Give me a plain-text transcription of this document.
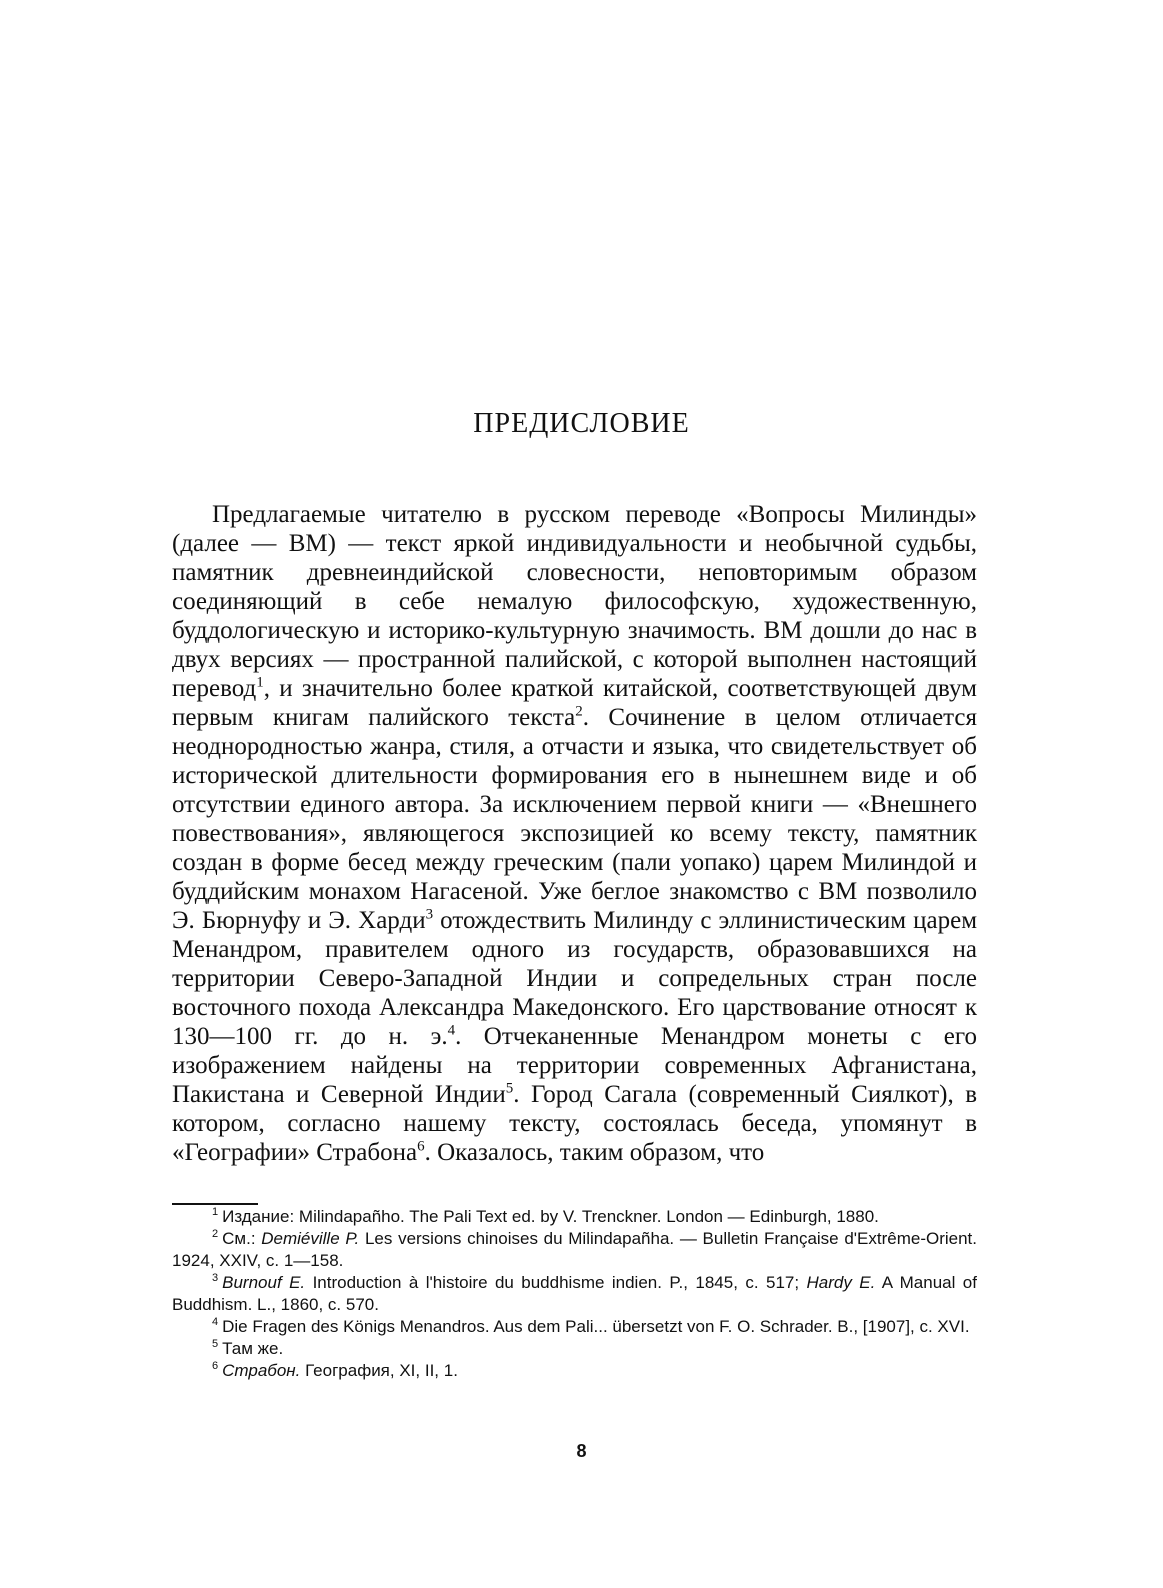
ПРЕДИСЛОВИЕ

Предлагаемые читателю в русском переводе «Вопросы Милинды» (далее — ВМ) — текст яркой индивидуальности и необычной судьбы, памятник древнеиндийской словесности, неповторимым образом соединяющий в себе немалую философскую, художественную, буддологическую и историко-культурную значимость. ВМ дошли до нас в двух версиях — пространной палийской, с которой выполнен настоящий перевод$^1$, и значительно более краткой китайской, соответствующей двум первым книгам палийского текста$^2$. Сочинение в целом отличается неоднородностью жанра, стиля, а отчасти и языка, что свидетельствует об исторической длительности формирования его в нынешнем виде и об отсутствии единого автора. За исключением первой книги — «Внешнего повествования», являющегося экспозицией ко всему тексту, памятник создан в форме бесед между греческим (пали уопако) царем Милиндой и буддийским монахом Нагасеной. Уже беглое знакомство с ВМ позволило Э. Бюрнуфу и Э. Харди$^3$ отождествить Милинду с эллинистическим царем Менандром, правителем одного из государств, образовавшихся на территории Северо-Западной Индии и сопредельных стран после восточного похода Александра Македонского. Его царствование относят к 130—100 гг. до н. э.$^4$. Отчеканенные Менандром монеты с его изображением найдены на территории современных Афганистана, Пакистана и Северной Индии$^5$. Город Сагала (современный Сиялкот), в котором, согласно нашему тексту, состоялась беседа, упомянут в «Географии» Страбона$^6$. Оказалось, таким образом, что

$^1$ Издание: Milindapañho. The Pali Text ed. by V. Trenckner. London — Edinburgh, 1880.
$^2$ См.: Demiéville P. Les versions chinoises du Milindapañha. — Bulletin Française d'Extrême-Orient. 1924, XXIV, c. 1—158.
$^3$ Burnouf E. Introduction à l'histoire du buddhisme indien. P., 1845, c. 517; Hardy E. A Manual of Buddhism. L., 1860, c. 570.
$^4$ Die Fragen des Königs Menandros. Aus dem Pali... übersetzt von F. O. Schrader. B., [1907], c. XVI.
$^5$ Там же.
$^6$ Страбон. География, XI, II, 1.
8
